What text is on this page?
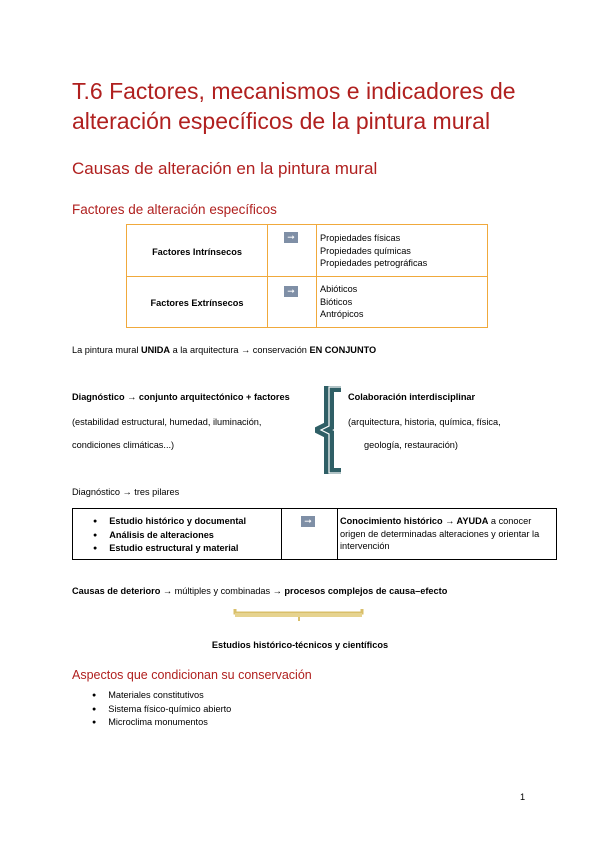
T.6 Factores, mecanismos e indicadores de alteración específicos de la pintura mural
Causas de alteración en la pintura mural
Factores de alteración específicos
Factores Intrínsecos
➞	Propiedades físicas
Propiedades químicas
Propiedades petrográficas
Factores Extrínsecos
➞	Abióticos
Bióticos
Antrópicos
La pintura mural UNIDA a la arquitectura → conservación EN CONJUNTO
Diagnóstico → conjunto arquitectónico + factores
(estabilidad estructural, humedad, iluminación,
condiciones climáticas...)
Colaboración interdisciplinar
(arquitectura, historia, química, física,
geología, restauración)
Diagnóstico → tres pilares
● Estudio histórico y documental
● Análisis de alteraciones
● Estudio estructural y material
➞	Conocimiento histórico → AYUDA a conocer origen de determinadas alteraciones y orientar la intervención
Causas de deterioro → múltiples y combinadas → procesos complejos de causa–efecto
Estudios histórico-técnicos y científicos
Aspectos que condicionan su conservación
● Materiales constitutivos
● Sistema físico-químico abierto
● Microclima monumentos
1
